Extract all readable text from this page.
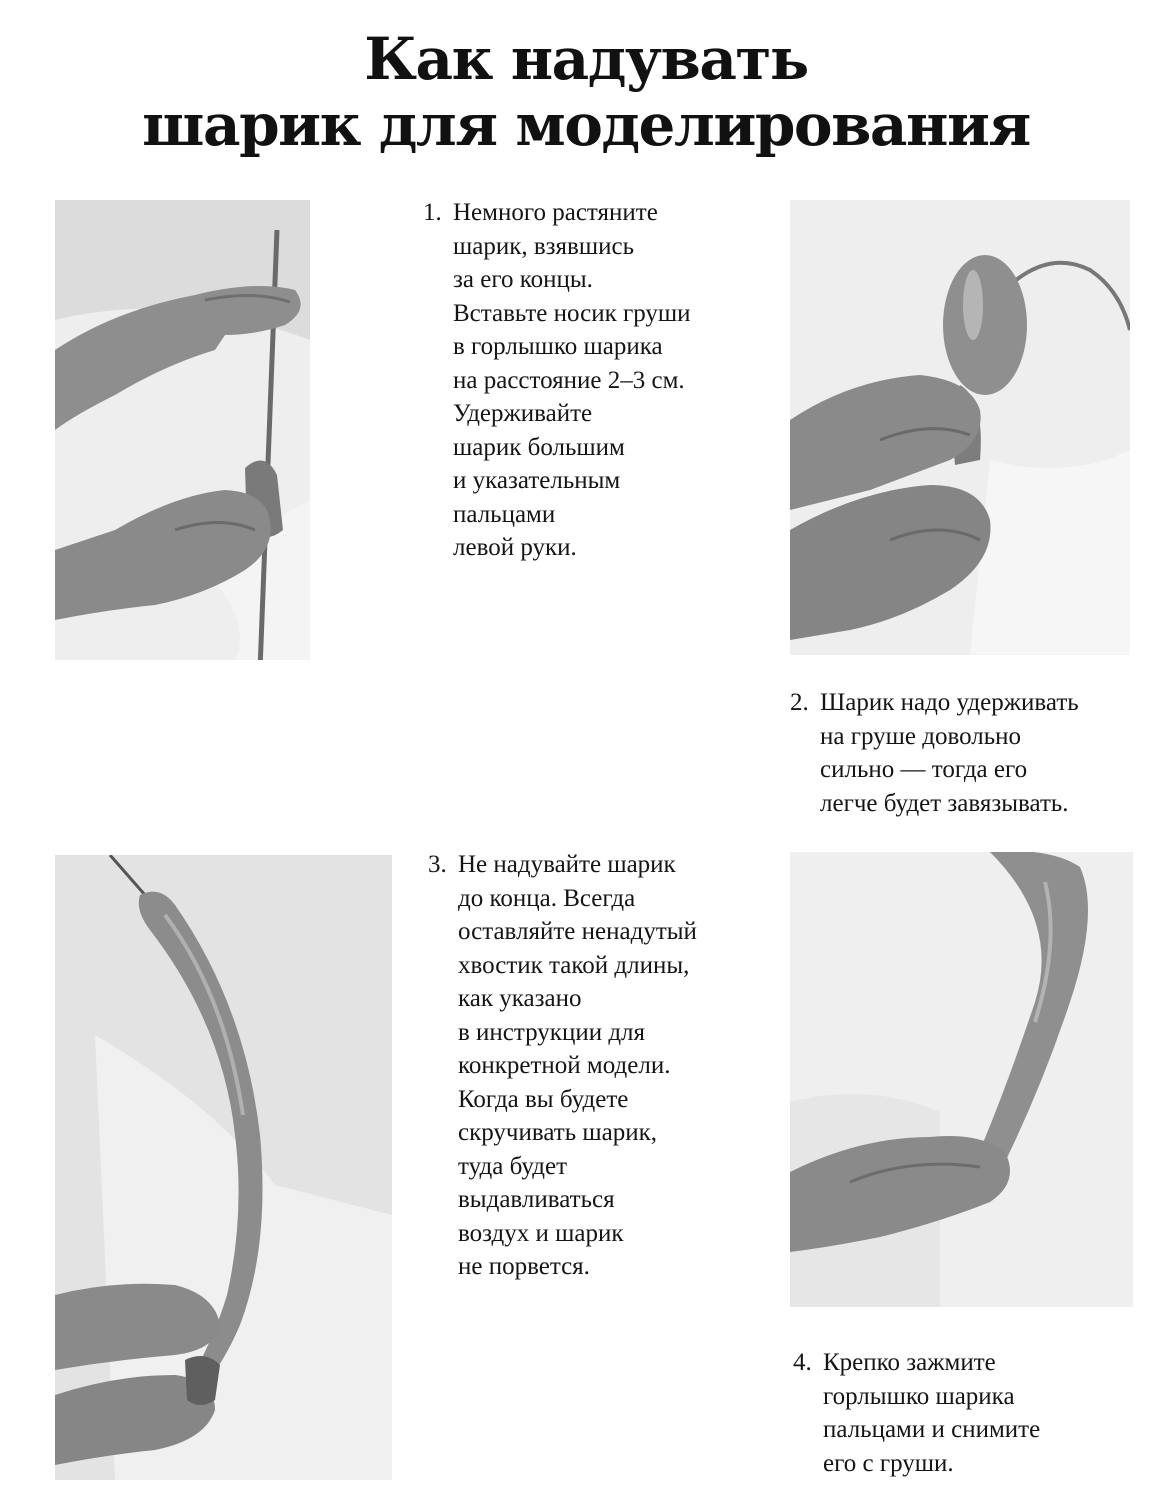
Как надувать
шарик для моделирования
1. Немного растяните
шарик, взявшись
за его концы.
Вставьте носик груши
в горлышко шарика
на расстояние 2–3 см.
Удерживайте
шарик большим
и указательным
пальцами
левой руки.
2. Шарик надо удерживать
на груше довольно
сильно — тогда его
легче будет завязывать.
3. Не надувайте шарик
до конца. Всегда
оставляйте ненадутый
хвостик такой длины,
как указано
в инструкции для
конкретной модели.
Когда вы будете
скручивать шарик,
туда будет
выдавливаться
воздух и шарик
не порвется.
4. Крепко зажмите
горлышко шарика
пальцами и снимите
его с груши.
